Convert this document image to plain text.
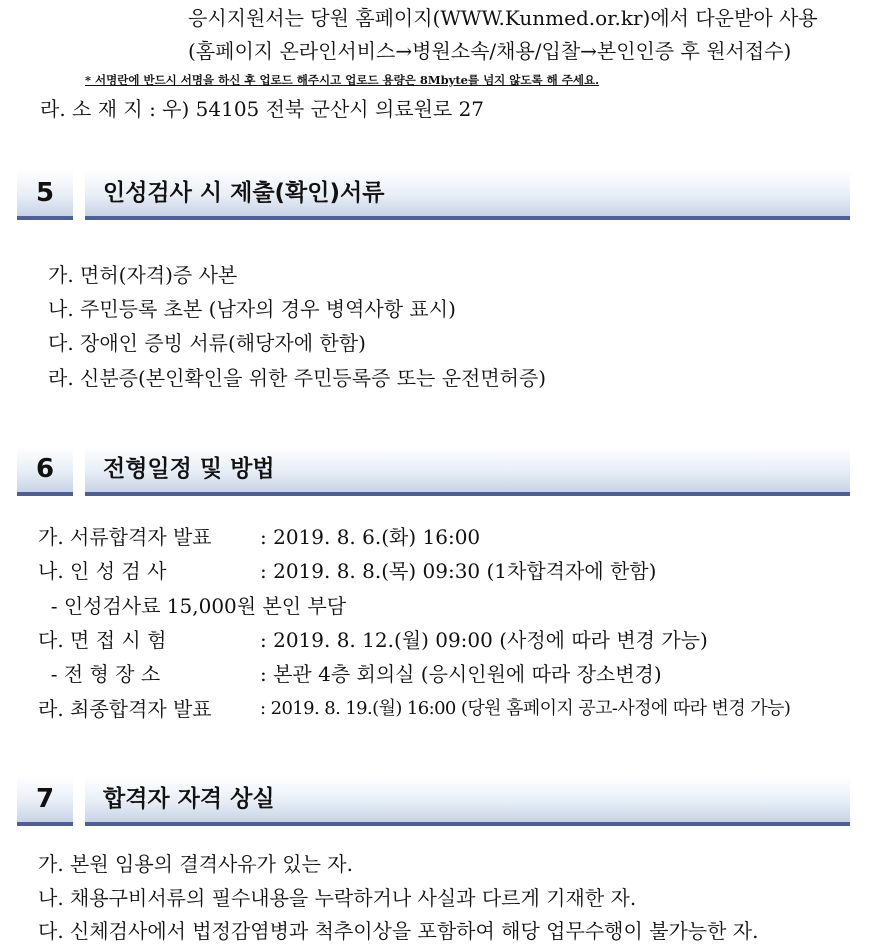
응시지원서는 당원 홈페이지(WWW.Kunmed.or.kr)에서 다운받아 사용
(홈페이지 온라인서비스→병원소속/채용/입찰→본인인증 후 원서접수)
* 서명란에 반드시 서명을 하신 후 업로드 해주시고 업로드 용량은 8Mbyte를 넘지 않도록 해 주세요.
라. 소 재 지 : 우) 54105 전북 군산시 의료원로 27
5	인성검사 시 제출(확인)서류
가. 면허(자격)증 사본
나. 주민등록 초본 (남자의 경우 병역사항 표시)
다. 장애인 증빙 서류(해당자에 한함)
라. 신분증(본인확인을 위한 주민등록증 또는 운전면허증)
6	전형일정 및 방법
가. 서류합격자 발표 : 2019. 8. 6.(화) 16:00
나. 인 성 검 사	: 2019. 8. 8.(목) 09:30 (1차합격자에 한함)
- 인성검사료 15,000원 본인 부담
다. 면 접 시 험	: 2019. 8. 12.(월) 09:00 (사정에 따라 변경 가능)
- 전 형 장 소	: 본관 4층 회의실 (응시인원에 따라 장소변경)
라. 최종합격자 발표	: 2019. 8. 19.(월) 16:00 (당원 홈페이지 공고-사정에 따라 변경 가능)
7	합격자 자격 상실
가. 본원 임용의 결격사유가 있는 자.
나. 채용구비서류의 필수내용을 누락하거나 사실과 다르게 기재한 자.
다. 신체검사에서 법정감염병과 척추이상을 포함하여 해당 업무수행이 불가능한 자.
